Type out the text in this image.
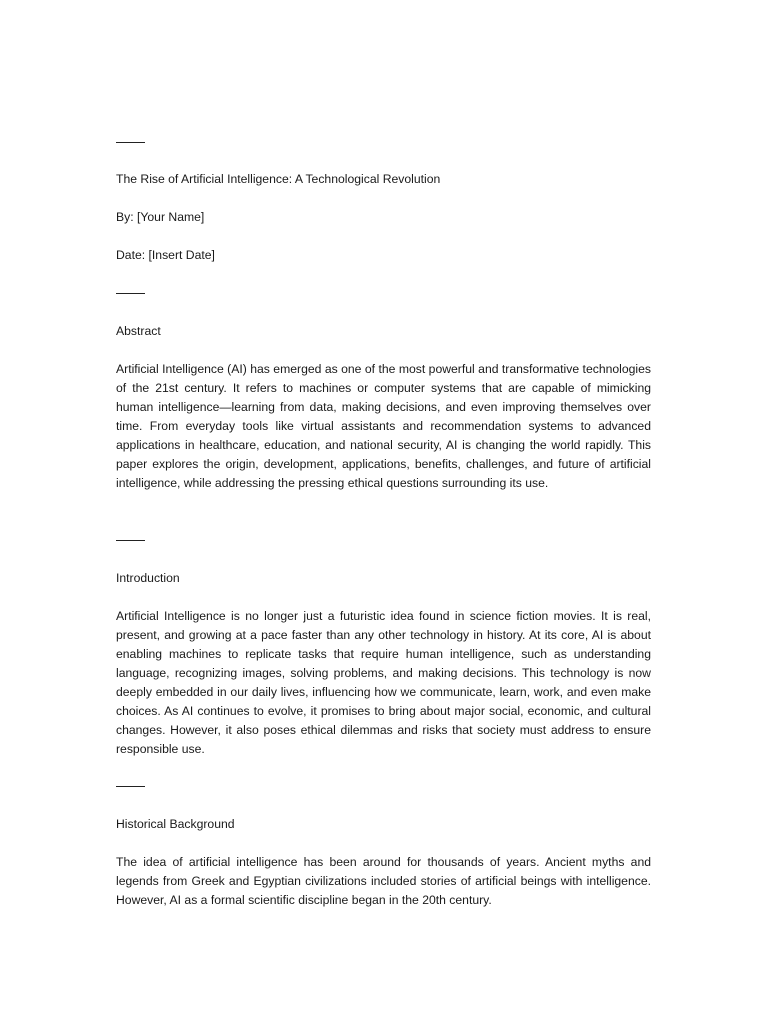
The Rise of Artificial Intelligence: A Technological Revolution
By: [Your Name]
Date: [Insert Date]
Abstract

Artificial Intelligence (AI) has emerged as one of the most powerful and transformative technologies of the 21st century. It refers to machines or computer systems that are capable of mimicking human intelligence—learning from data, making decisions, and even improving themselves over time. From everyday tools like virtual assistants and recommendation systems to advanced applications in healthcare, education, and national security, AI is changing the world rapidly. This paper explores the origin, development, applications, benefits, challenges, and future of artificial intelligence, while addressing the pressing ethical questions surrounding its use.

Introduction

Artificial Intelligence is no longer just a futuristic idea found in science fiction movies. It is real, present, and growing at a pace faster than any other technology in history. At its core, AI is about enabling machines to replicate tasks that require human intelligence, such as understanding language, recognizing images, solving problems, and making decisions. This technology is now deeply embedded in our daily lives, influencing how we communicate, learn, work, and even make choices. As AI continues to evolve, it promises to bring about major social, economic, and cultural changes. However, it also poses ethical dilemmas and risks that society must address to ensure responsible use.

Historical Background

The idea of artificial intelligence has been around for thousands of years. Ancient myths and legends from Greek and Egyptian civilizations included stories of artificial beings with intelligence. However, AI as a formal scientific discipline began in the 20th century.
